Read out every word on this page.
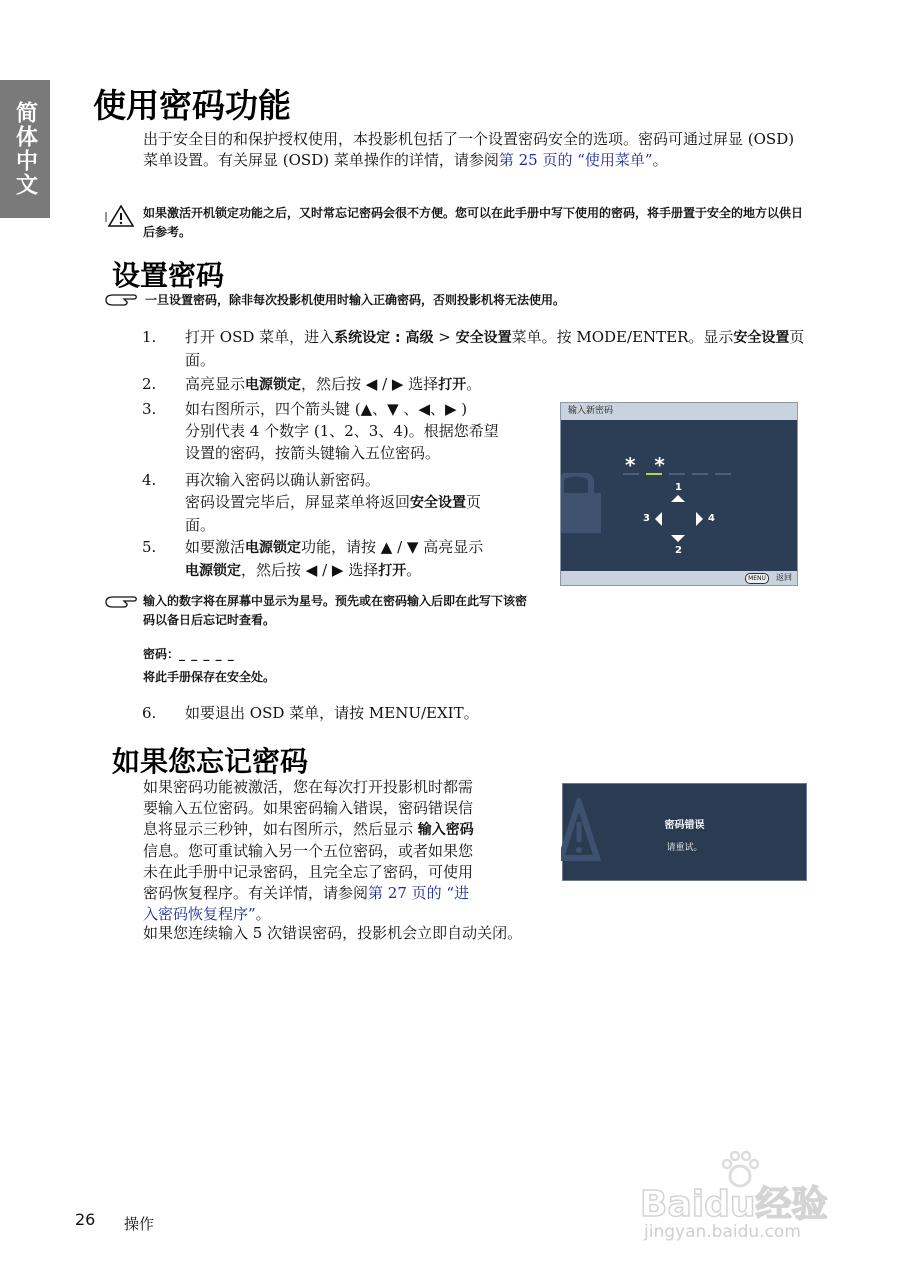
简体中文	使用密码功能
出于安全目的和保护授权使用，本投影机包括了一个设置密码安全的选项。密码可通过屏显 (OSD) 菜单设置。有关屏显 (OSD) 菜单操作的详情，请参阅第 25 页的 “使用菜单”。
如果激活开机锁定功能之后，又时常忘记密码会很不方便。您可以在此手册中写下使用的密码，将手册置于安全的地方以供日后参考。
设置密码
一旦设置密码，除非每次投影机使用时输入正确密码，否则投影机将无法使用。
1.	打开 OSD 菜单，进入系统设定 : 高级 > 安全设置菜单。按 MODE/ENTER。显示安全设置页面。
2.	高亮显示电源锁定，然后按 ◀ / ▶ 选择打开。
3.	如右图所示，四个箭头键 (▲、▼ 、◀、▶ )
分别代表 4 个数字 (1、2、3、4)。根据您希望
设置的密码，按箭头键输入五位密码。
4.	再次输入密码以确认新密码。
密码设置完毕后，屏显菜单将返回安全设置页
面。
5.	如要激活电源锁定功能，请按 ▲ / ▼ 高亮显示
电源锁定，然后按 ◀ / ▶ 选择打开。
输入新密码
* *
1
3	4
2
MENU	返回
输入的数字将在屏幕中显示为星号。预先或在密码输入后即在此写下该密码以备日后忘记时查看。
密码：_ _ _ _ _
将此手册保存在安全处。
6.	如要退出 OSD 菜单，请按 MENU/EXIT。
如果您忘记密码
如果密码功能被激活，您在每次打开投影机时都需
要输入五位密码。如果密码输入错误，密码错误信
息将显示三秒钟，如右图所示，然后显示 输入密码
信息。您可重试输入另一个五位密码，或者如果您
未在此手册中记录密码，且完全忘了密码，可使用
密码恢复程序。有关详情，请参阅第 27 页的 “进
入密码恢复程序”。
如果您连续输入 5 次错误密码，投影机会立即自动关闭。
密码错误
请重试。
26 操作	Baidu经验
jingyan.baidu.com
